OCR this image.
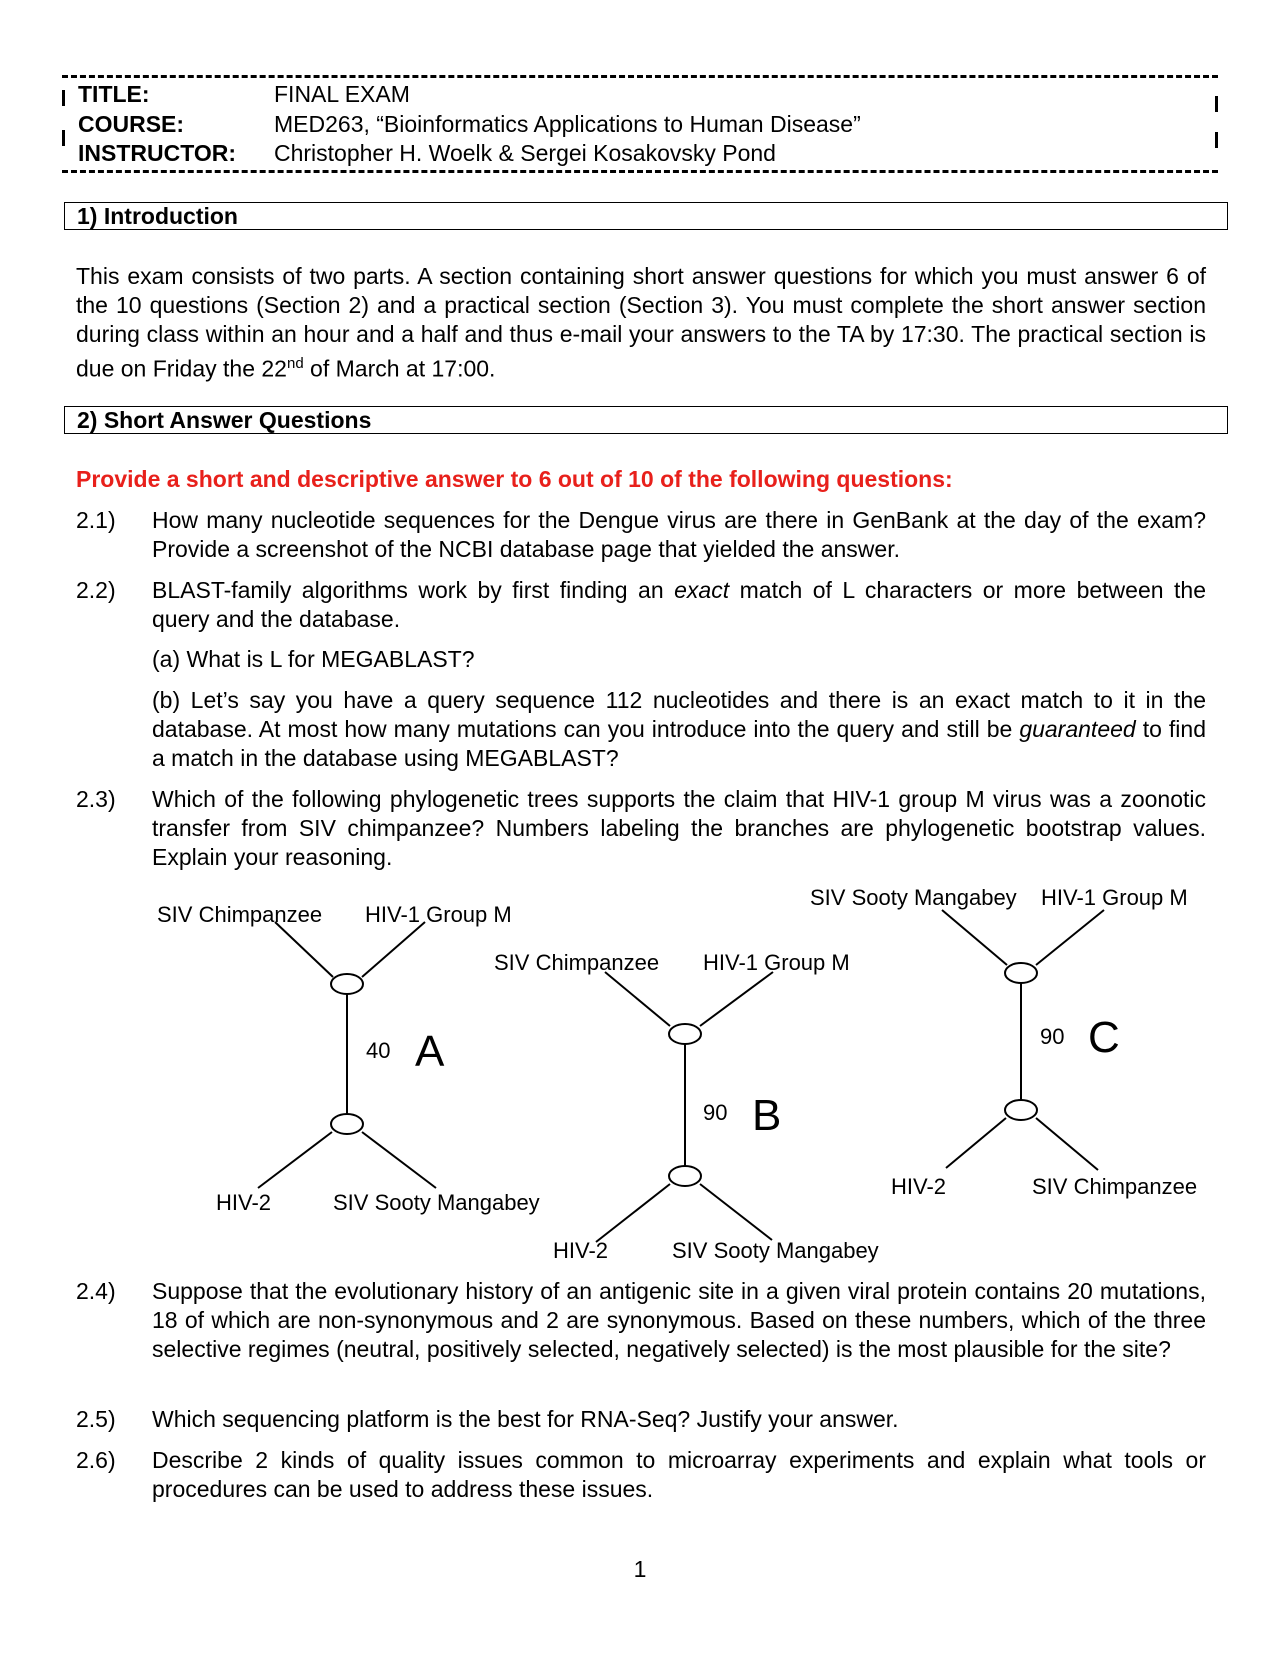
TITLE:	FINAL EXAM
COURSE:	MED263, “Bioinformatics Applications to Human Disease”
INSTRUCTOR: Christopher H. Woelk & Sergei Kosakovsky Pond
1) Introduction
This exam consists of two parts. A section containing short answer questions for which you must answer 6 of the 10 questions (Section 2) and a practical section (Section 3). You must complete the short answer section during class within an hour and a half and thus e-mail your answers to the TA by 17:30. The practical section is due on Friday the 22nd of March at 17:00.
2) Short Answer Questions
Provide a short and descriptive answer to 6 out of 10 of the following questions:
2.1) How many nucleotide sequences for the Dengue virus are there in GenBank at the day of the exam? Provide a screenshot of the NCBI database page that yielded the answer.
2.2) BLAST-family algorithms work by first finding an exact match of L characters or more between the query and the database.
(a) What is L for MEGABLAST?
(b) Let’s say you have a query sequence 112 nucleotides and there is an exact match to it in the database. At most how many mutations can you introduce into the query and still be guaranteed to find a match in the database using MEGABLAST?
2.3) Which of the following phylogenetic trees supports the claim that HIV-1 group M virus was a zoonotic transfer from SIV chimpanzee? Numbers labeling the branches are phylogenetic bootstrap values. Explain your reasoning.
SIV Chimpanzee HIV-1 Group M
40 A
HIV-2	SIV Sooty Mangabey
SIV Chimpanzee HIV-1 Group M
90 B
HIV-2	SIV Sooty Mangabey
SIV Sooty Mangabey HIV-1 Group M
90 C
HIV-2	SIV Chimpanzee
2.4) Suppose that the evolutionary history of an antigenic site in a given viral protein contains 20 mutations, 18 of which are non-synonymous and 2 are synonymous. Based on these numbers, which of the three selective regimes (neutral, positively selected, negatively selected) is the most plausible for the site?
2.5) Which sequencing platform is the best for RNA-Seq? Justify your answer.
2.6) Describe 2 kinds of quality issues common to microarray experiments and explain what tools or procedures can be used to address these issues.
1
